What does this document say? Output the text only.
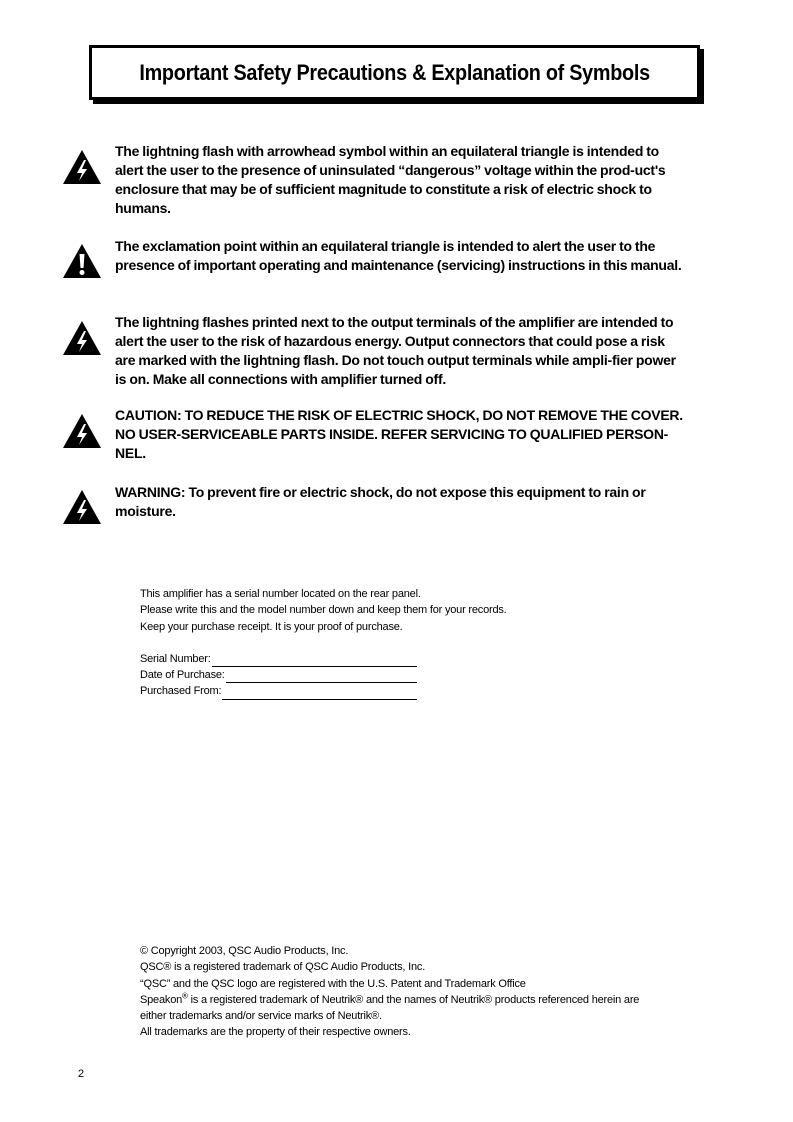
Important Safety Precautions & Explanation of Symbols
The lightning flash with arrowhead symbol within an equilateral triangle is intended to alert the user to the presence of uninsulated “dangerous” voltage within the prod-uct's enclosure that may be of sufficient magnitude to constitute a risk of electric shock to humans.
The exclamation point within an equilateral triangle is intended to alert the user to the presence of important operating and maintenance (servicing) instructions in this manual.
The lightning flashes printed next to the output terminals of the amplifier are intended to alert the user to the risk of hazardous energy. Output connectors that could pose a risk are marked with the lightning flash. Do not touch output terminals while ampli-fier power is on. Make all connections with amplifier turned off.
CAUTION: TO REDUCE THE RISK OF ELECTRIC SHOCK, DO NOT REMOVE THE COVER. NO USER-SERVICEABLE PARTS INSIDE. REFER SERVICING TO QUALIFIED PERSON-NEL.
WARNING: To prevent fire or electric shock, do not expose this equipment to rain or moisture.
This amplifier has a serial number located on the rear panel.
Please write this and the model number down and keep them for your records.
Keep your purchase receipt. It is your proof of purchase.
Serial Number:
Date of Purchase:
Purchased From:
© Copyright 2003, QSC Audio Products, Inc.
QSC® is a registered trademark of QSC Audio Products, Inc.
“QSC” and the QSC logo are registered with the U.S. Patent and Trademark Office
Speakon® is a registered trademark of Neutrik® and the names of Neutrik® products referenced herein are
either trademarks and/or service marks of Neutrik®.
All trademarks are the property of their respective owners.
2
